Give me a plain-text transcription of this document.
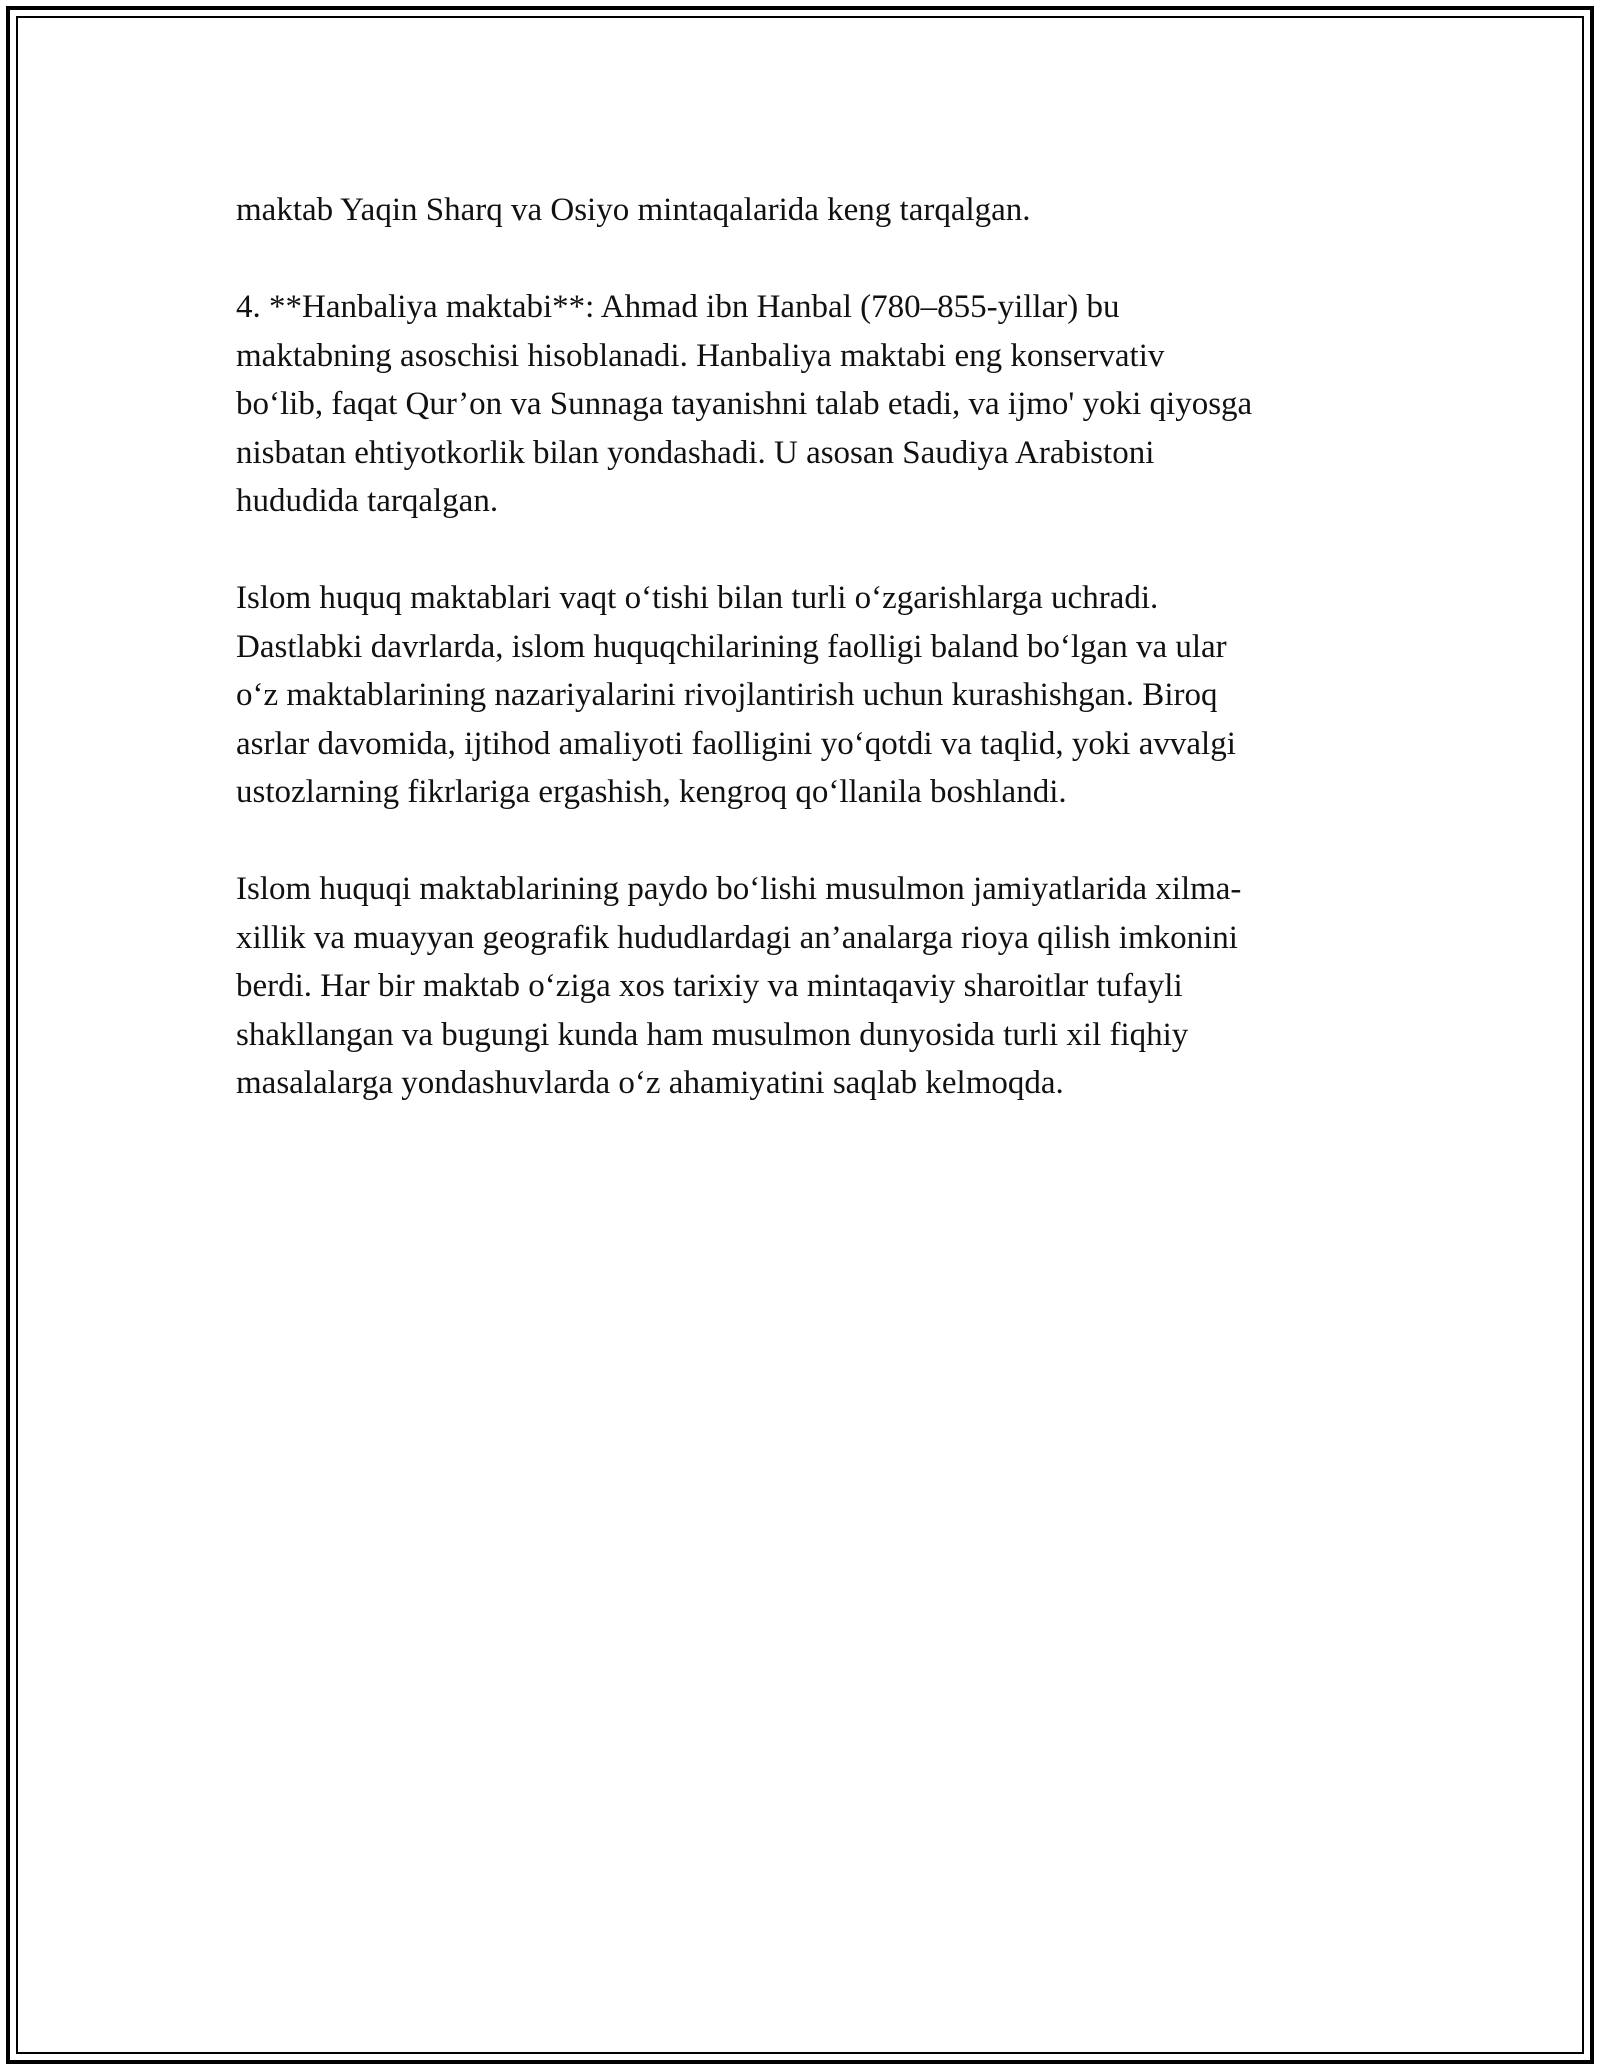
maktab Yaqin Sharq va Osiyo mintaqalarida keng tarqalgan.

4. **Hanbaliya maktabi**: Ahmad ibn Hanbal (780–855-yillar) bu
maktabning asoschisi hisoblanadi. Hanbaliya maktabi eng konservativ
bo‘lib, faqat Qur’on va Sunnaga tayanishni talab etadi, va ijmo' yoki qiyosga
nisbatan ehtiyotkorlik bilan yondashadi. U asosan Saudiya Arabistoni
hududida tarqalgan.

Islom huquq maktablari vaqt o‘tishi bilan turli o‘zgarishlarga uchradi.
Dastlabki davrlarda, islom huquqchilarining faolligi baland bo‘lgan va ular
o‘z maktablarining nazariyalarini rivojlantirish uchun kurashishgan. Biroq
asrlar davomida, ijtihod amaliyoti faolligini yo‘qotdi va taqlid, yoki avvalgi
ustozlarning fikrlariga ergashish, kengroq qo‘llanila boshlandi.

Islom huquqi maktablarining paydo bo‘lishi musulmon jamiyatlarida xilma-
xillik va muayyan geografik hududlardagi an’analarga rioya qilish imkonini
berdi. Har bir maktab o‘ziga xos tarixiy va mintaqaviy sharoitlar tufayli
shakllangan va bugungi kunda ham musulmon dunyosida turli xil fiqhiy
masalalarga yondashuvlarda o‘z ahamiyatini saqlab kelmoqda.
